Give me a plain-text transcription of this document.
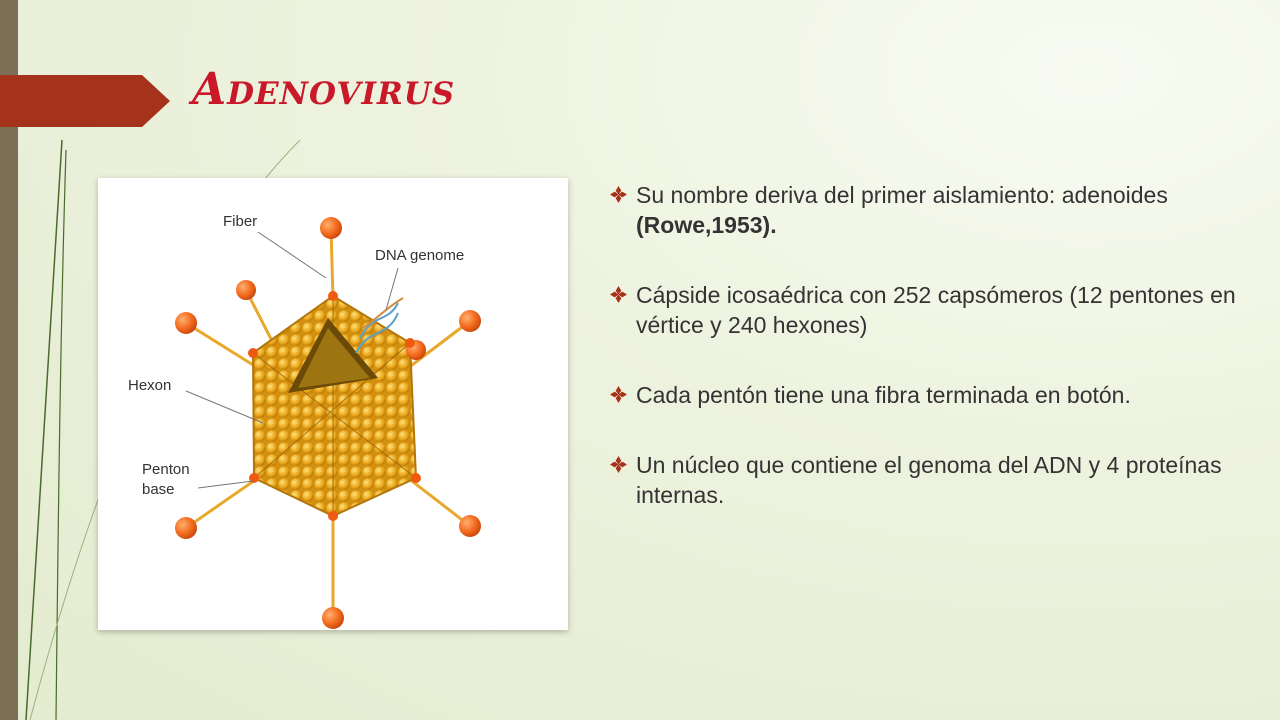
Adenovirus
Fiber
DNA genome
Hexon
Penton
base
Su nombre deriva del primer aislamiento: adenoides (Rowe,1953).
Cápside icosaédrica con 252 capsómeros (12 pentones en vértice y 240 hexones)
Cada pentón tiene una fibra terminada en botón.
Un núcleo que contiene el genoma del ADN y 4 proteínas internas.
